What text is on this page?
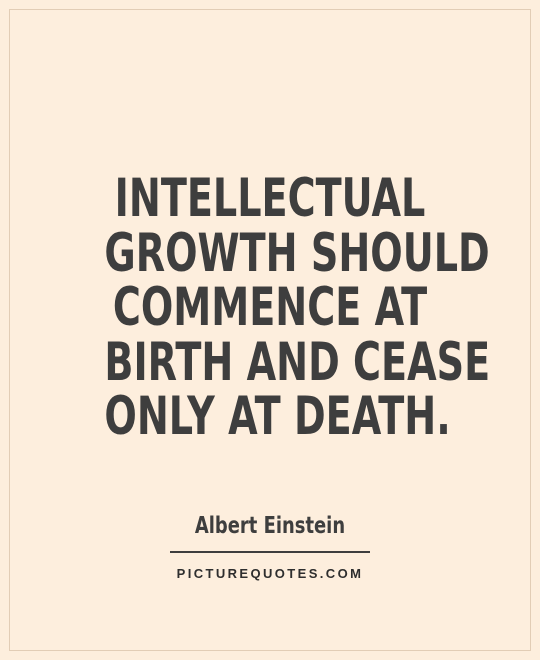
INTELLECTUAL
GROWTH SHOULD
COMMENCE AT
BIRTH AND CEASE
ONLY AT DEATH.
Albert Einstein
PICTUREQUOTES.COM
